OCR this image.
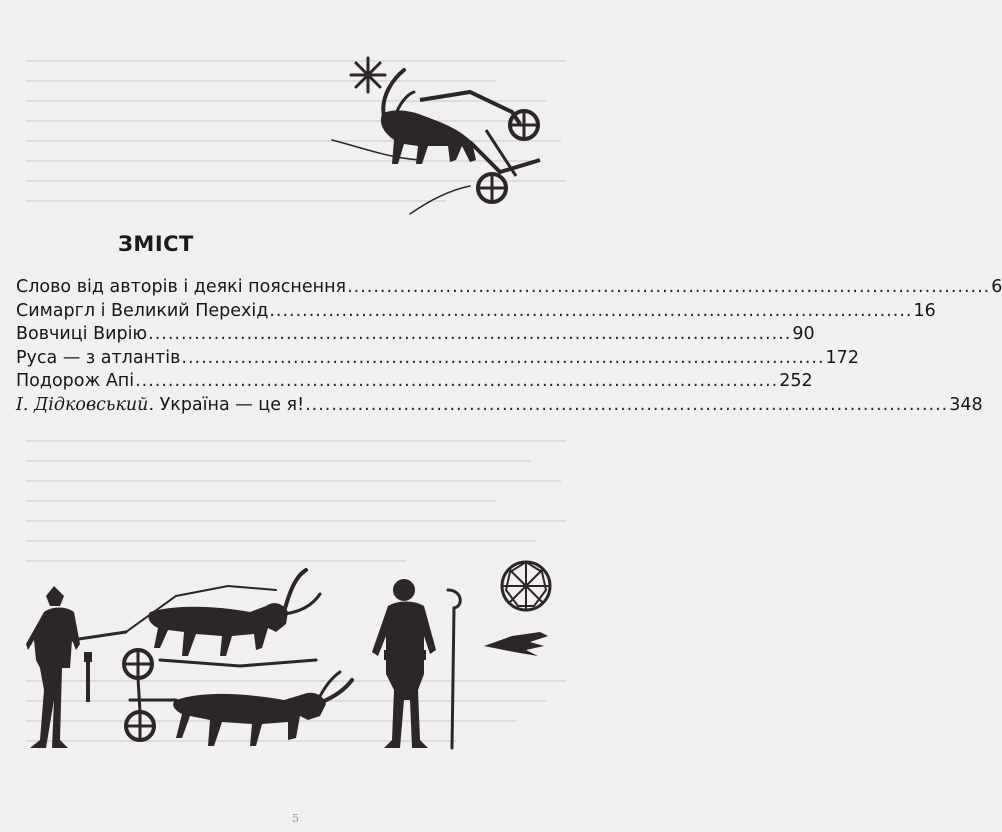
ЗМІСТ
Слово від авторів і деякі пояснення .................................................................................................. 6
Симаргл і Великий Перехід .................................................................................................. 16
Вовчиці Вирію .................................................................................................. 90
Руса — з атлантів .................................................................................................. 172
Подорож Апі .................................................................................................. 252
І. Дідковський. Україна — це я! .................................................................................................. 348
5
